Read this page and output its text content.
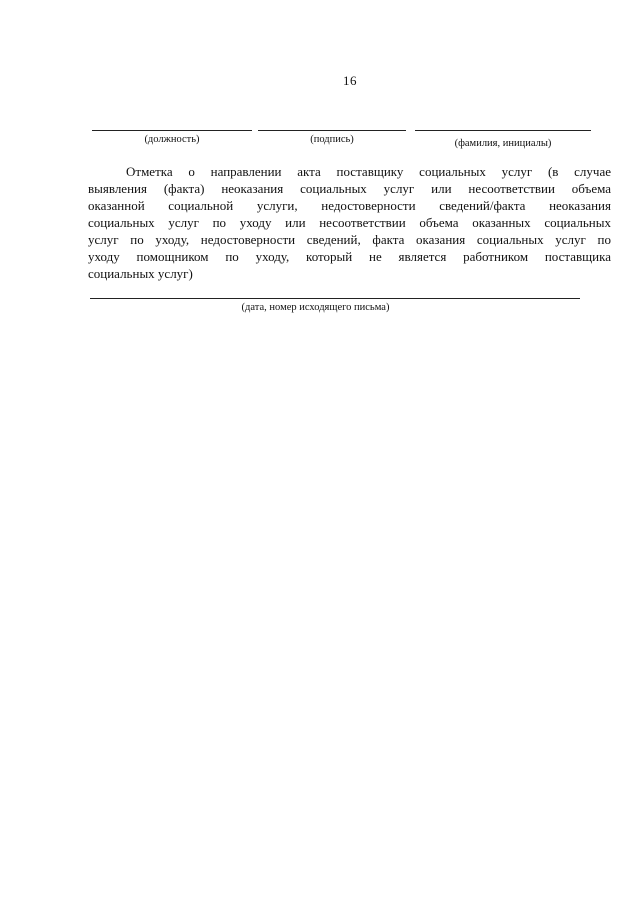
16
(должность)	(подпись)	(фамилия, инициалы)
Отметка о направлении акта поставщику социальных услуг (в случае
выявления (факта) неоказания социальных услуг или несоответствии объема
оказанной социальной услуги, недостоверности сведений/факта неоказания
социальных услуг по уходу или несоответствии объема оказанных социальных
услуг по уходу, недостоверности сведений, факта оказания социальных услуг по
уходу помощником по уходу, который не является работником поставщика
социальных услуг)
(дата, номер исходящего письма)
